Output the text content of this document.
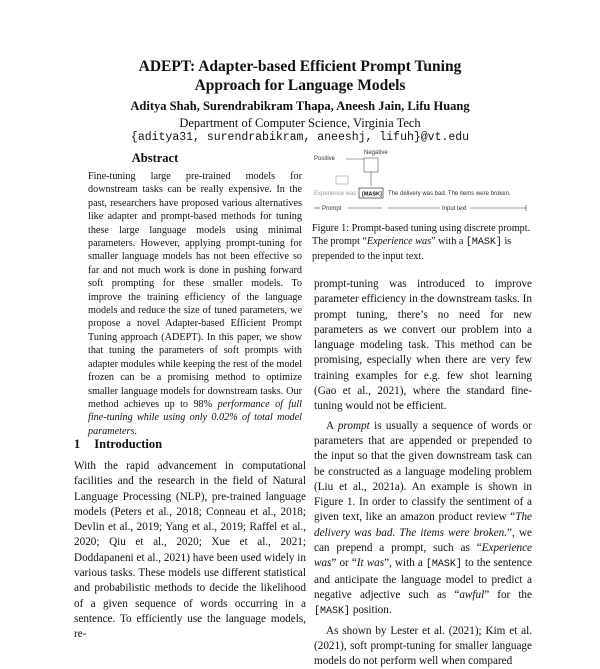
ADEPT: Adapter-based Efficient Prompt Tuning
Approach for Language Models
Aditya Shah, Surendrabikram Thapa, Aneesh Jain, Lifu Huang
Department of Computer Science, Virginia Tech
{aditya31, surendrabikram, aneeshj, lifuh}@vt.edu
Abstract

Fine-tuning large pre-trained models for downstream tasks can be really expensive. In the past, researchers have proposed various alternatives like adapter and prompt-based methods for tuning these large language models using minimal parameters. However, applying prompt-tuning for smaller language models has not been effective so far and not much work is done in pushing forward soft prompting for these smaller models. To improve the training efficiency of the language models and reduce the size of tuned parameters, we propose a novel Adapter-based Efficient Prompt Tuning approach (ADEPT). In this paper, we show that tuning the parameters of soft prompts with adapter modules while keeping the rest of the model frozen can be a promising method to optimize smaller language models for downstream tasks. Our method achieves up to 98% performance of full fine-tuning while using only 0.02% of total model parameters.

Positive
Negative
Experience was [MASK] The delivery was bad. The items were broken.
Prompt	Input text
Figure 1: Prompt-based tuning using discrete prompt. The prompt “Experience was” with a [MASK] is prepended to the input text.
1 Introduction

With the rapid advancement in computational facilities and the research in the field of Natural Language Processing (NLP), pre-trained language models (Peters et al., 2018; Conneau et al., 2018; Devlin et al., 2019; Yang et al., 2019; Raffel et al., 2020; Qiu et al., 2020; Xue et al., 2021; Doddapaneni et al., 2021) have been used widely in various tasks. These models use different statistical and probabilistic methods to decide the likelihood of a given sequence of words occurring in a sentence. To efficiently use the language models, re-

prompt-tuning was introduced to improve parameter efficiency in the downstream tasks. In prompt tuning, there’s no need for new parameters as we convert our problem into a language modeling task. This method can be promising, especially when there are very few training examples for e.g. few shot learning (Gao et al., 2021), where the standard fine-tuning would not be efficient.

A prompt is usually a sequence of words or parameters that are appended or prepended to the input so that the given downstream task can be constructed as a language modeling problem (Liu et al., 2021a). An example is shown in Figure 1. In order to classify the sentiment of a given text, like an amazon product review “The delivery was bad. The items were broken.”, we can prepend a prompt, such as “Experience was” or “It was”, with a [MASK] to the sentence and anticipate the language model to predict a negative adjective such as “awful” for the [MASK] position.

As shown by Lester et al. (2021); Kim et al. (2021), soft prompt-tuning for smaller language models do not perform well when compared
